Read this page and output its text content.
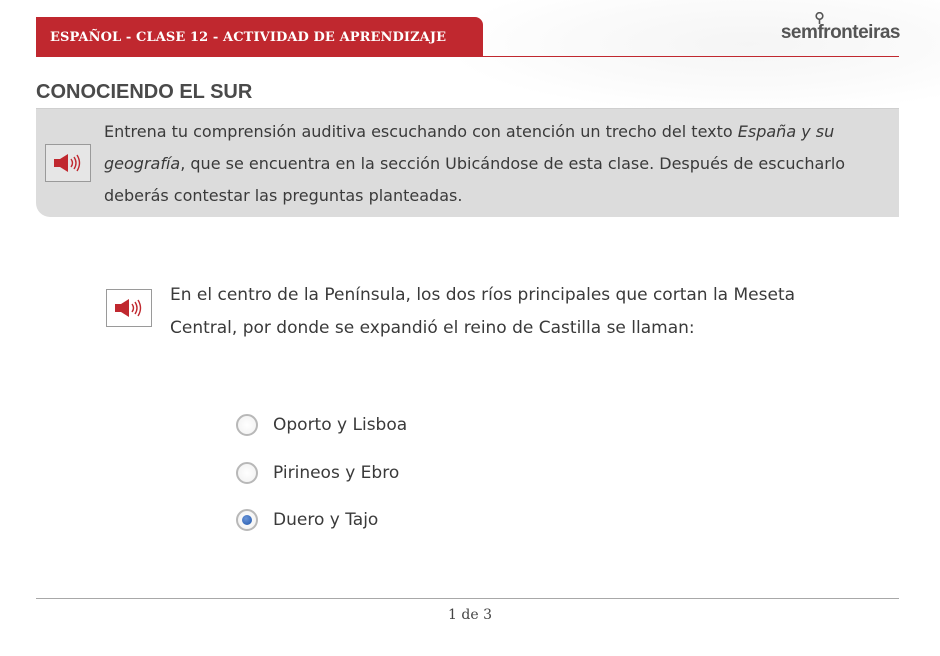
ESPAÑOL - CLASE 12 - ACTIVIDAD DE APRENDIZAJE	semfronteiras
CONOCIENDO EL SUR
Entrena tu comprensión auditiva escuchando con atención un trecho del texto España y su geografía, que se encuentra en la sección Ubicándose de esta clase. Después de escucharlo deberás contestar las preguntas planteadas.
En el centro de la Península, los dos ríos principales que cortan la Meseta Central, por donde se expandió el reino de Castilla se llaman:
Oporto y Lisboa
Pirineos y Ebro
Duero y Tajo
1 de 3
